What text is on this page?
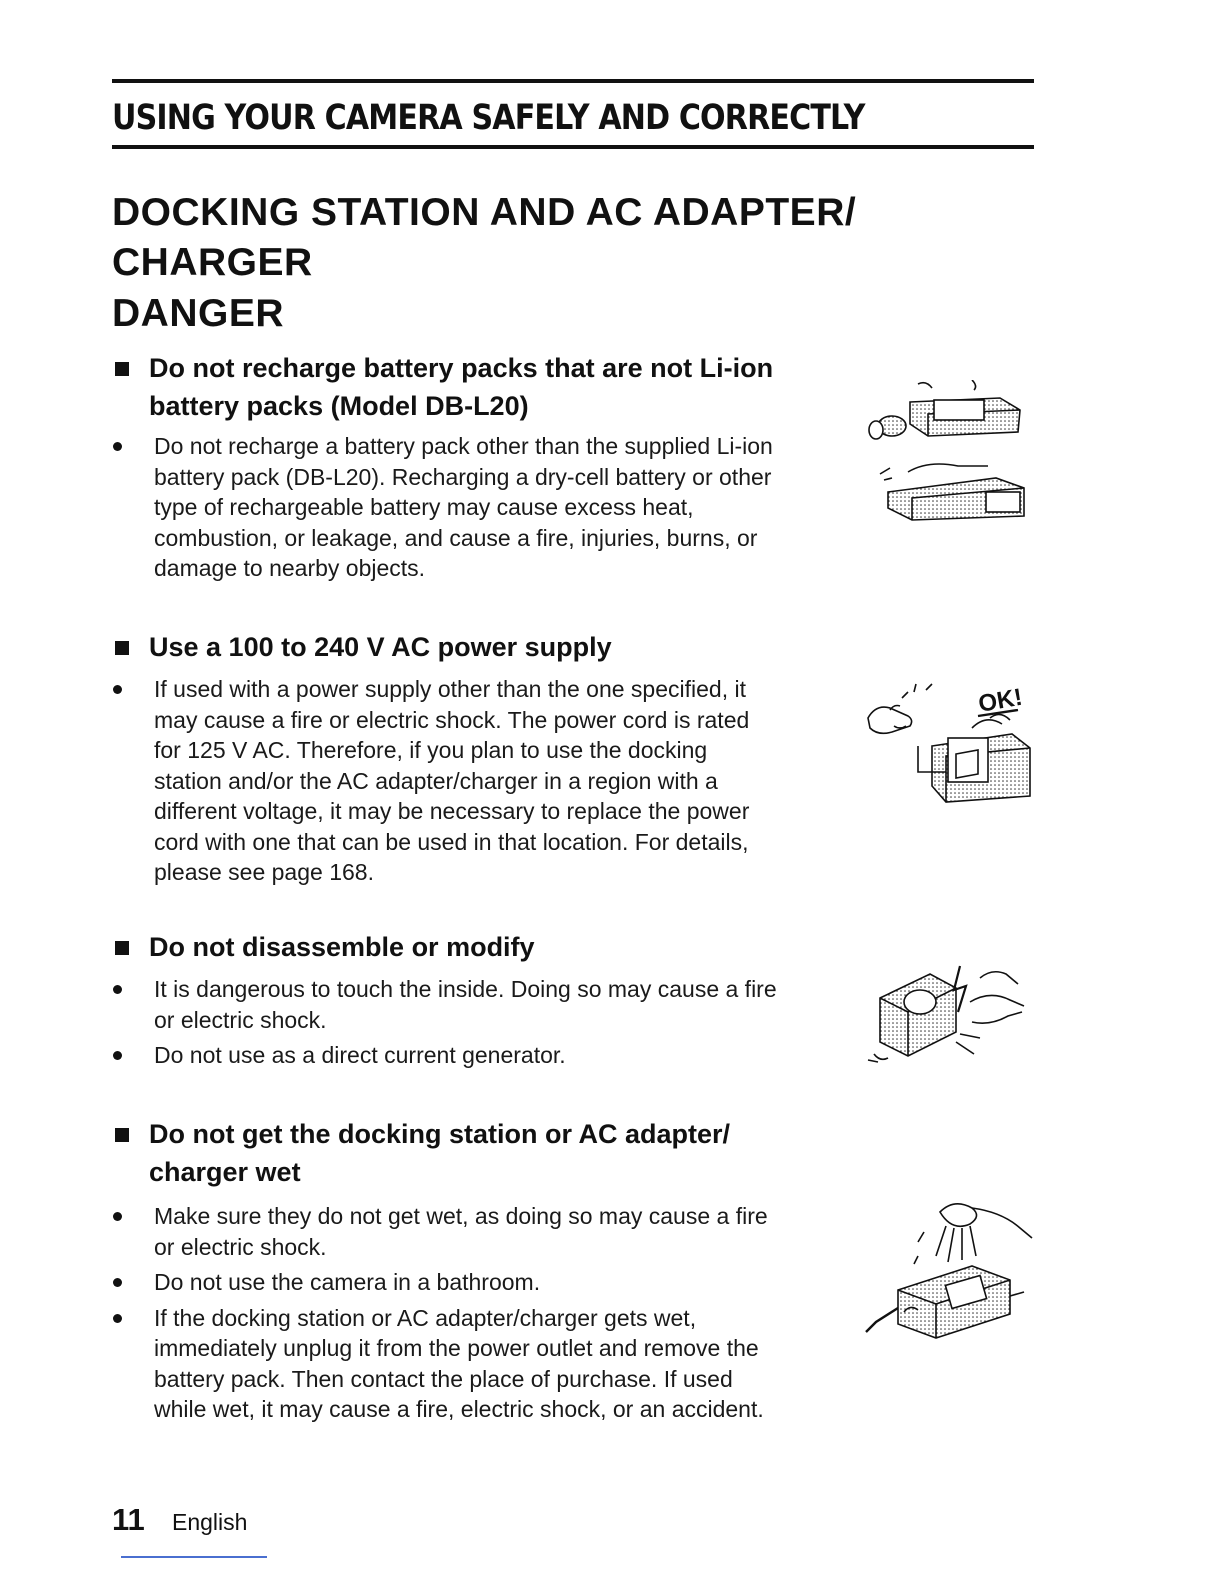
USING YOUR CAMERA SAFELY AND CORRECTLY
DOCKING STATION AND AC ADAPTER/
CHARGER
DANGER
Do not recharge battery packs that are not Li-ion
battery packs (Model DB-L20)
Do not recharge a battery pack other than the supplied Li-ion
battery pack (DB-L20). Recharging a dry-cell battery or other
type of rechargeable battery may cause excess heat,
combustion, or leakage, and cause a fire, injuries, burns, or
damage to nearby objects.
Use a 100 to 240 V AC power supply
If used with a power supply other than the one specified, it
may cause a fire or electric shock. The power cord is rated
for 125 V AC. Therefore, if you plan to use the docking
station and/or the AC adapter/charger in a region with a
different voltage, it may be necessary to replace the power
cord with one that can be used in that location. For details,
please see page 168.
Do not disassemble or modify
It is dangerous to touch the inside. Doing so may cause a fire
or electric shock.
Do not use as a direct current generator.
Do not get the docking station or AC adapter/
charger wet
Make sure they do not get wet, as doing so may cause a fire
or electric shock.
Do not use the camera in a bathroom.
If the docking station or AC adapter/charger gets wet,
immediately unplug it from the power outlet and remove the
battery pack. Then contact the place of purchase. If used
while wet, it may cause a fire, electric shock, or an accident.
OK!
11 English
